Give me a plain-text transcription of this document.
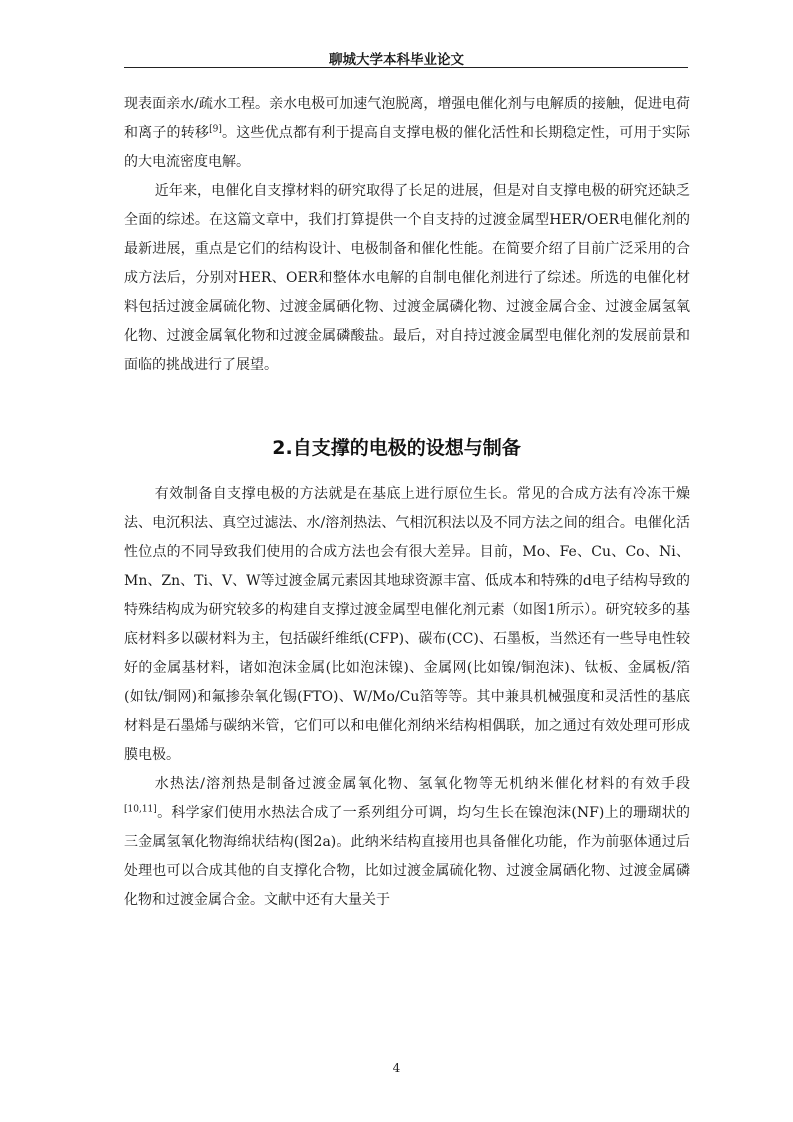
聊城大学本科毕业论文

现表面亲水/疏水工程。亲水电极可加速气泡脱离，增强电催化剂与电解质的接触，促进电荷和离子的转移[9]。这些优点都有利于提高自支撑电极的催化活性和长期稳定性，可用于实际的大电流密度电解。

近年来，电催化自支撑材料的研究取得了长足的进展，但是对自支撑电极的研究还缺乏全面的综述。在这篇文章中，我们打算提供一个自支持的过渡金属型HER/OER电催化剂的最新进展，重点是它们的结构设计、电极制备和催化性能。在简要介绍了目前广泛采用的合成方法后，分别对HER、OER和整体水电解的自制电催化剂进行了综述。所选的电催化材料包括过渡金属硫化物、过渡金属硒化物、过渡金属磷化物、过渡金属合金、过渡金属氢氧化物、过渡金属氧化物和过渡金属磷酸盐。最后，对自持过渡金属型电催化剂的发展前景和面临的挑战进行了展望。

2.自支撑的电极的设想与制备

有效制备自支撑电极的方法就是在基底上进行原位生长。常见的合成方法有冷冻干燥法、电沉积法、真空过滤法、水/溶剂热法、气相沉积法以及不同方法之间的组合。电催化活性位点的不同导致我们使用的合成方法也会有很大差异。目前，Mo、Fe、Cu、Co、Ni、Mn、Zn、Ti、V、W等过渡金属元素因其地球资源丰富、低成本和特殊的d电子结构导致的特殊结构成为研究较多的构建自支撑过渡金属型电催化剂元素（如图1所示）。研究较多的基底材料多以碳材料为主，包括碳纤维纸(CFP)、碳布(CC)、石墨板，当然还有一些导电性较好的金属基材料，诸如泡沫金属(比如泡沫镍)、金属网(比如镍/铜泡沫)、钛板、金属板/箔(如钛/铜网)和氟掺杂氧化锡(FTO)、W/Mo/Cu箔等等。其中兼具机械强度和灵活性的基底材料是石墨烯与碳纳米管，它们可以和电催化剂纳米结构相偶联，加之通过有效处理可形成膜电极。

水热法/溶剂热是制备过渡金属氧化物、氢氧化物等无机纳米催化材料的有效手段[10,11]。科学家们使用水热法合成了一系列组分可调，均匀生长在镍泡沫(NF)上的珊瑚状的三金属氢氧化物海绵状结构(图2a)。此纳米结构直接用也具备催化功能，作为前驱体通过后处理也可以合成其他的自支撑化合物，比如过渡金属硫化物、过渡金属硒化物、过渡金属磷化物和过渡金属合金。文献中还有大量关于

4
